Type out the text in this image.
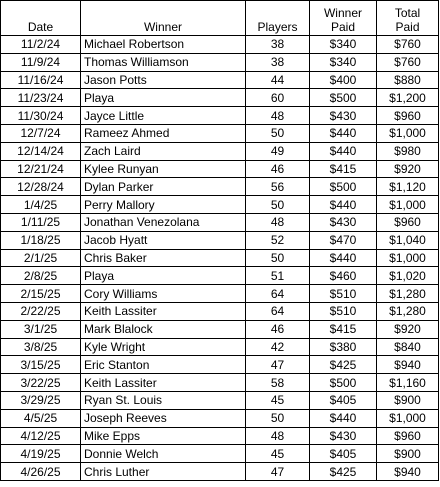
Date	Winner	Players	Winner Paid	Total Paid
11/2/24	Michael Robertson	38	$340	$760
11/9/24	Thomas Williamson	38	$340	$760
11/16/24	Jason Potts	44	$400	$880
11/23/24	Playa	60	$500	$1,200
11/30/24	Jayce Little	48	$430	$960
12/7/24	Rameez Ahmed	50	$440	$1,000
12/14/24	Zach Laird	49	$440	$980
12/21/24	Kylee Runyan	46	$415	$920
12/28/24	Dylan Parker	56	$500	$1,120
1/4/25	Perry Mallory	50	$440	$1,000
1/11/25	Jonathan Venezolana	48	$430	$960
1/18/25	Jacob Hyatt	52	$470	$1,040
2/1/25	Chris Baker	50	$440	$1,000
2/8/25	Playa	51	$460	$1,020
2/15/25	Cory Williams	64	$510	$1,280
2/22/25	Keith Lassiter	64	$510	$1,280
3/1/25	Mark Blalock	46	$415	$920
3/8/25	Kyle Wright	42	$380	$840
3/15/25	Eric Stanton	47	$425	$940
3/22/25	Keith Lassiter	58	$500	$1,160
3/29/25	Ryan St. Louis	45	$405	$900
4/5/25	Joseph Reeves	50	$440	$1,000
4/12/25	Mike Epps	48	$430	$960
4/19/25	Donnie Welch	45	$405	$900
4/26/25	Chris Luther	47	$425	$940
